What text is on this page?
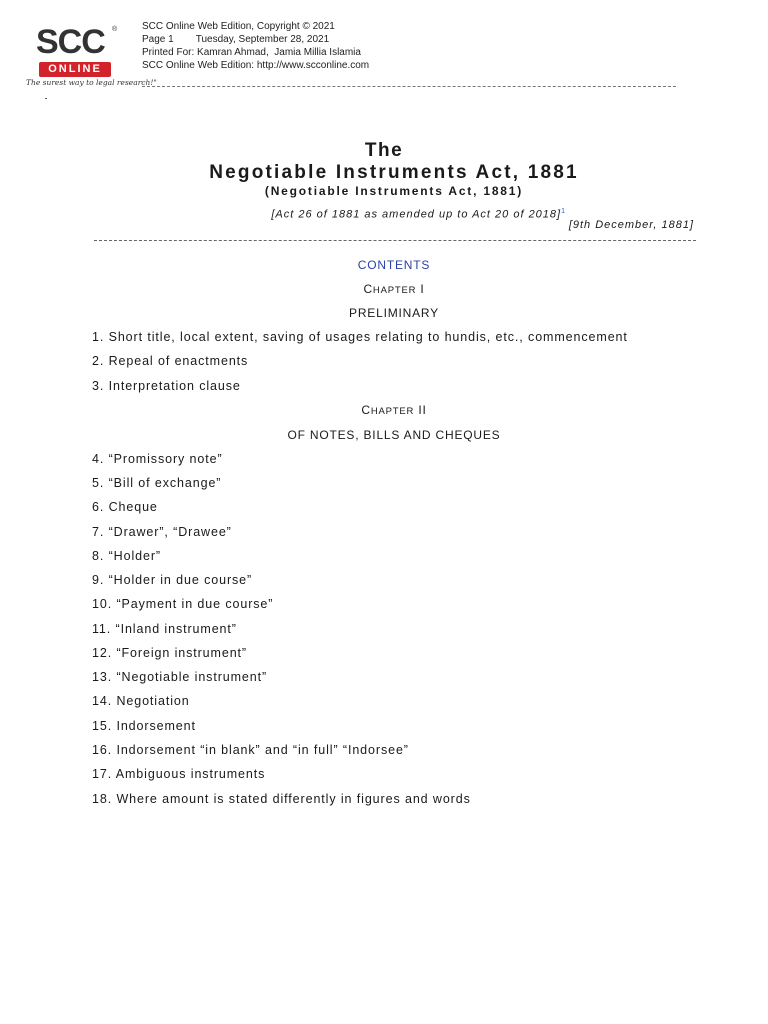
SCC ®
ONLINE
The surest way to legal research!"
SCC Online Web Edition, Copyright © 2021
Page 1        Tuesday, September 28, 2021
Printed For: Kamran Ahmad,  Jamia Millia Islamia
SCC Online Web Edition: http://www.scconline.com
The
Negotiable Instruments Act, 1881
(Negotiable Instruments Act, 1881)
[Act 26 of 1881 as amended up to Act 20 of 2018]$^1$
[9th December, 1881]
CONTENTS
CHAPTER I
PRELIMINARY
1. Short title, local extent, saving of usages relating to hundis, etc., commencement
2. Repeal of enactments
3. Interpretation clause
CHAPTER II
OF NOTES, BILLS AND CHEQUES
4. “Promissory note”
5. “Bill of exchange”
6. Cheque
7. “Drawer”, “Drawee”
8. “Holder”
9. “Holder in due course”
10. “Payment in due course”
11. “Inland instrument”
12. “Foreign instrument”
13. “Negotiable instrument”
14. Negotiation
15. Indorsement
16. Indorsement “in blank” and “in full” “Indorsee”
17. Ambiguous instruments
18. Where amount is stated differently in figures and words
